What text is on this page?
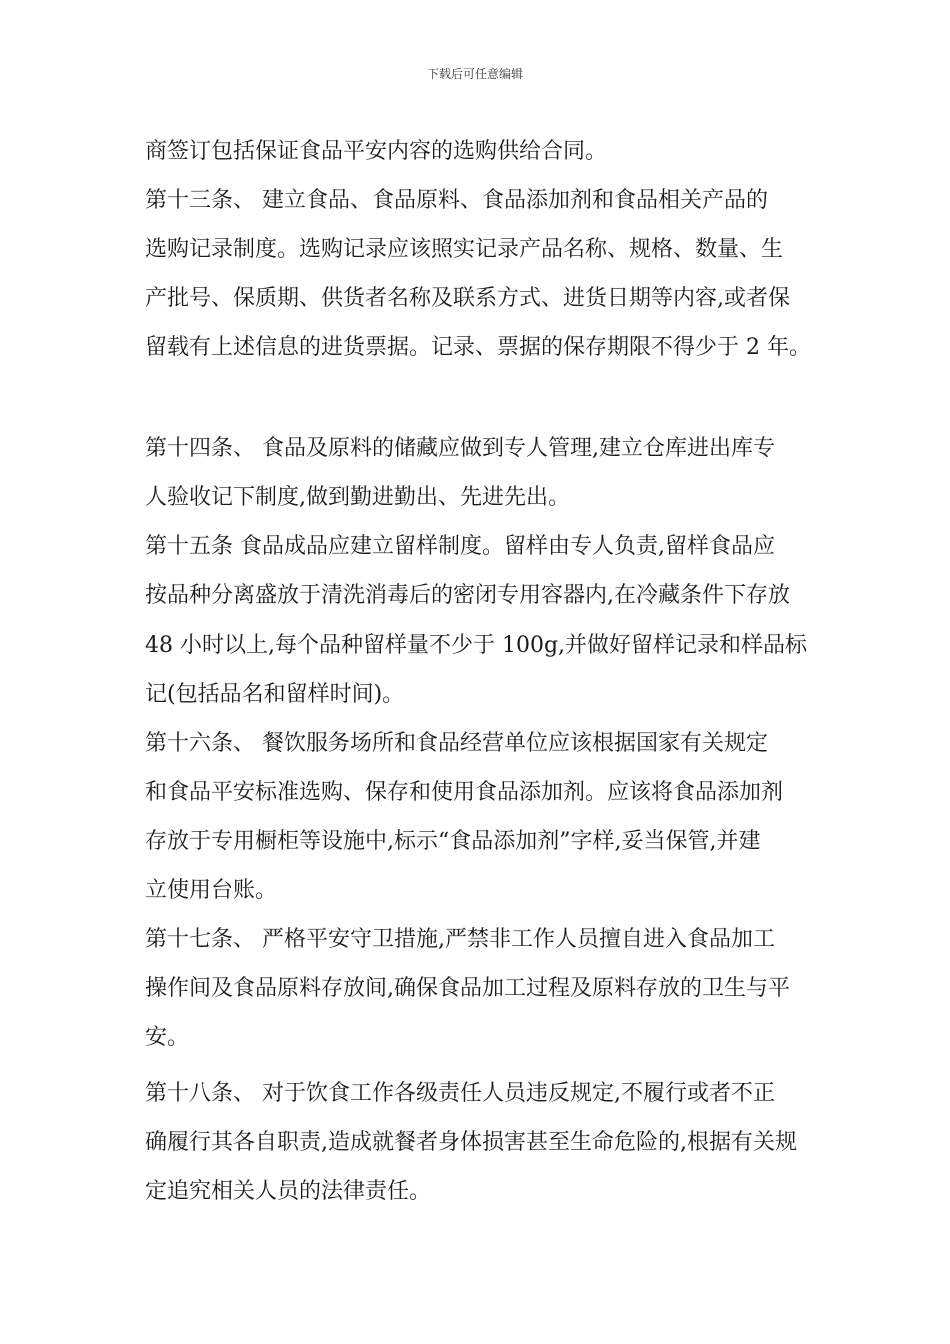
下载后可任意编辑
商签订包括保证食品平安内容的选购供给合同。
第十三条、 建立食品、食品原料、食品添加剂和食品相关产品的
选购记录制度。选购记录应该照实记录产品名称、规格、数量、生
产批号、保质期、供货者名称及联系方式、进货日期等内容,或者保
留载有上述信息的进货票据。记录、票据的保存期限不得少于 2 年。
第十四条、 食品及原料的储藏应做到专人管理,建立仓库进出库专
人验收记下制度,做到勤进勤出、先进先出。
第十五条 食品成品应建立留样制度。留样由专人负责,留样食品应
按品种分离盛放于清洗消毒后的密闭专用容器内,在冷藏条件下存放
48 小时以上,每个品种留样量不少于 100g,并做好留样记录和样品标
记(包括品名和留样时间)。
第十六条、 餐饮服务场所和食品经营单位应该根据国家有关规定
和食品平安标准选购、保存和使用食品添加剂。应该将食品添加剂
存放于专用橱柜等设施中,标示“食品添加剂”字样,妥当保管,并建
立使用台账。
第十七条、 严格平安守卫措施,严禁非工作人员擅自进入食品加工
操作间及食品原料存放间,确保食品加工过程及原料存放的卫生与平
安。
第十八条、 对于饮食工作各级责任人员违反规定,不履行或者不正
确履行其各自职责,造成就餐者身体损害甚至生命危险的,根据有关规
定追究相关人员的法律责任。
